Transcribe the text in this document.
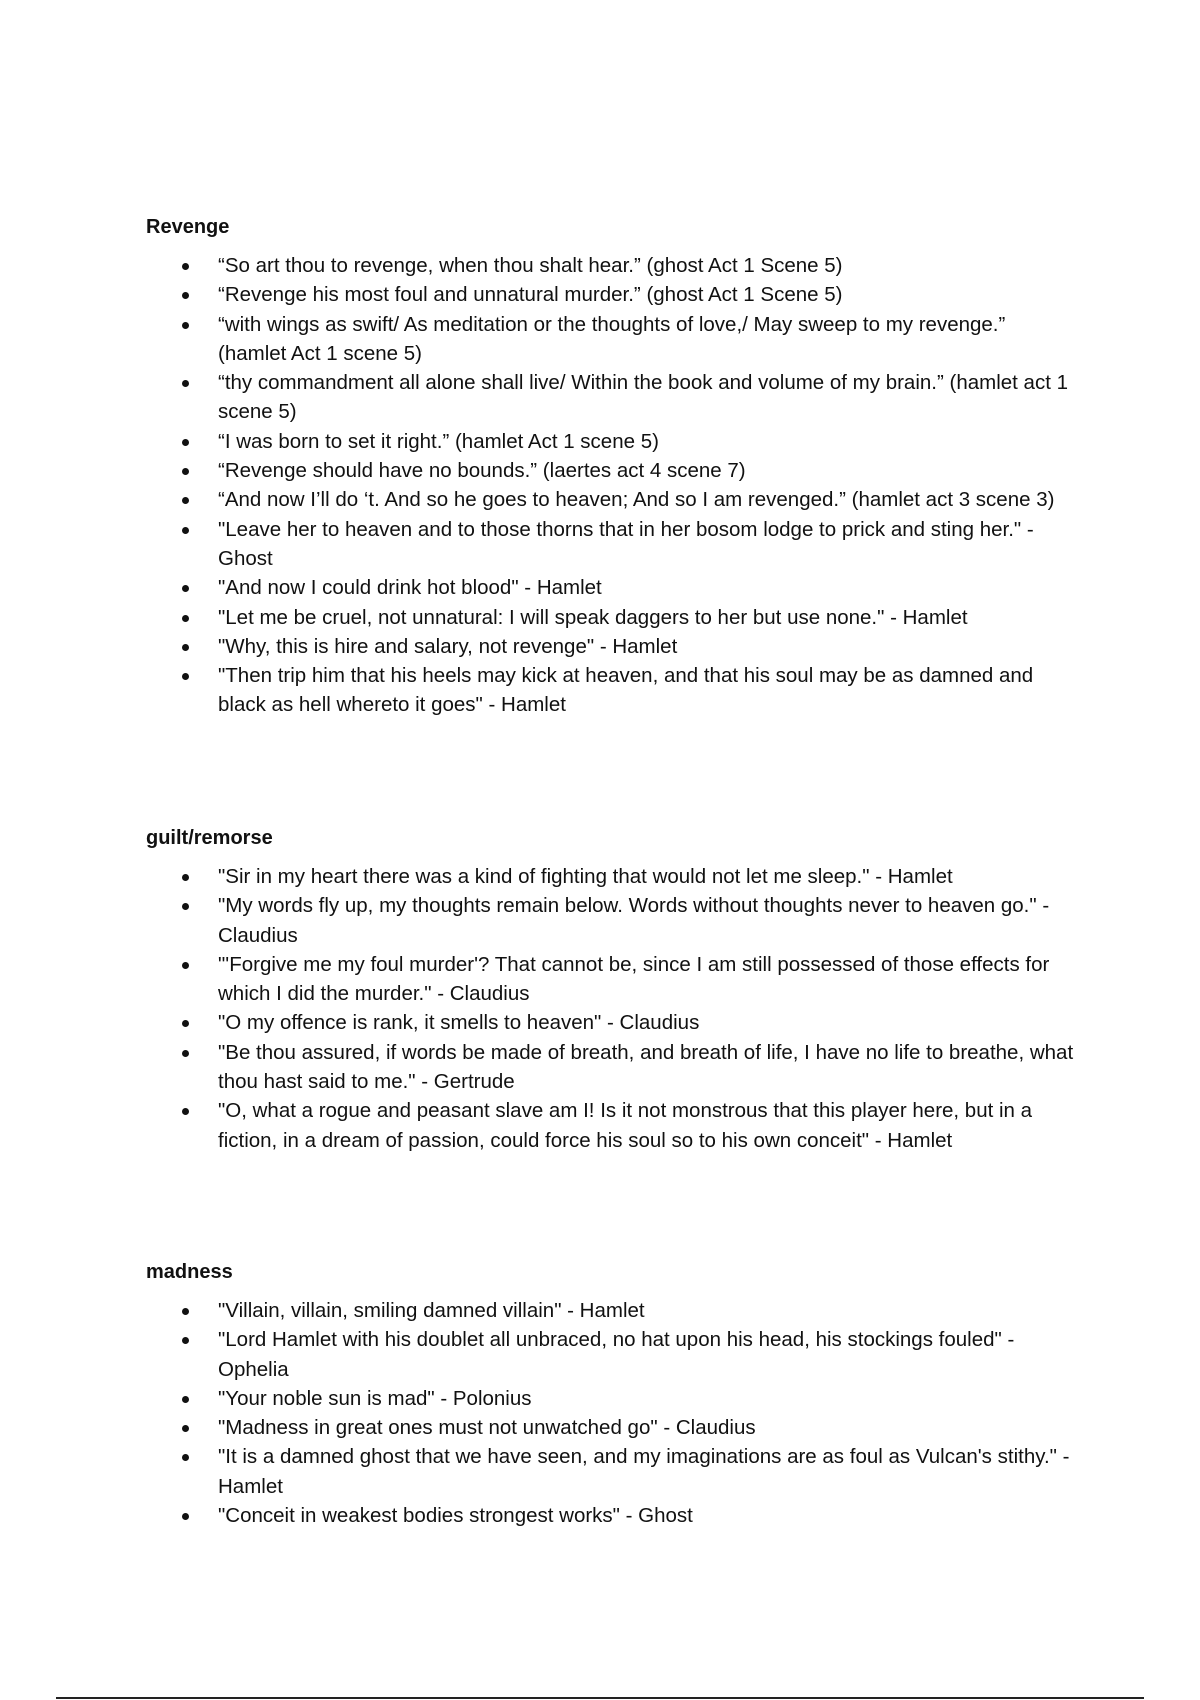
Revenge
“So art thou to revenge, when thou shalt hear.” (ghost Act 1 Scene 5)
“Revenge his most foul and unnatural murder.” (ghost Act 1 Scene 5)
“with wings as swift/ As meditation or the thoughts of love,/ May sweep to my revenge.” (hamlet Act 1 scene 5)
“thy commandment all alone shall live/ Within the book and volume of my brain.” (hamlet act 1 scene 5)
“I was born to set it right.” (hamlet Act 1 scene 5)
“Revenge should have no bounds.” (laertes act 4 scene 7)
“And now I’ll do ‘t. And so he goes to heaven; And so I am revenged.” (hamlet act 3 scene 3)
"Leave her to heaven and to those thorns that in her bosom lodge to prick and sting her." - Ghost
"And now I could drink hot blood" - Hamlet
"Let me be cruel, not unnatural: I will speak daggers to her but use none." - Hamlet
"Why, this is hire and salary, not revenge" - Hamlet
"Then trip him that his heels may kick at heaven, and that his soul may be as damned and black as hell whereto it goes" - Hamlet
guilt/remorse
"Sir in my heart there was a kind of fighting that would not let me sleep." - Hamlet
"My words fly up, my thoughts remain below. Words without thoughts never to heaven go." - Claudius
"'Forgive me my foul murder'? That cannot be, since I am still possessed of those effects for which I did the murder." - Claudius
"O my offence is rank, it smells to heaven" - Claudius
"Be thou assured, if words be made of breath, and breath of life, I have no life to breathe, what thou hast said to me." - Gertrude
"O, what a rogue and peasant slave am I! Is it not monstrous that this player here, but in a fiction, in a dream of passion, could force his soul so to his own conceit" - Hamlet
madness
"Villain, villain, smiling damned villain" - Hamlet
"Lord Hamlet with his doublet all unbraced, no hat upon his head, his stockings fouled" - Ophelia
"Your noble sun is mad" - Polonius
"Madness in great ones must not unwatched go" - Claudius
"It is a damned ghost that we have seen, and my imaginations are as foul as Vulcan's stithy." - Hamlet
"Conceit in weakest bodies strongest works" - Ghost
